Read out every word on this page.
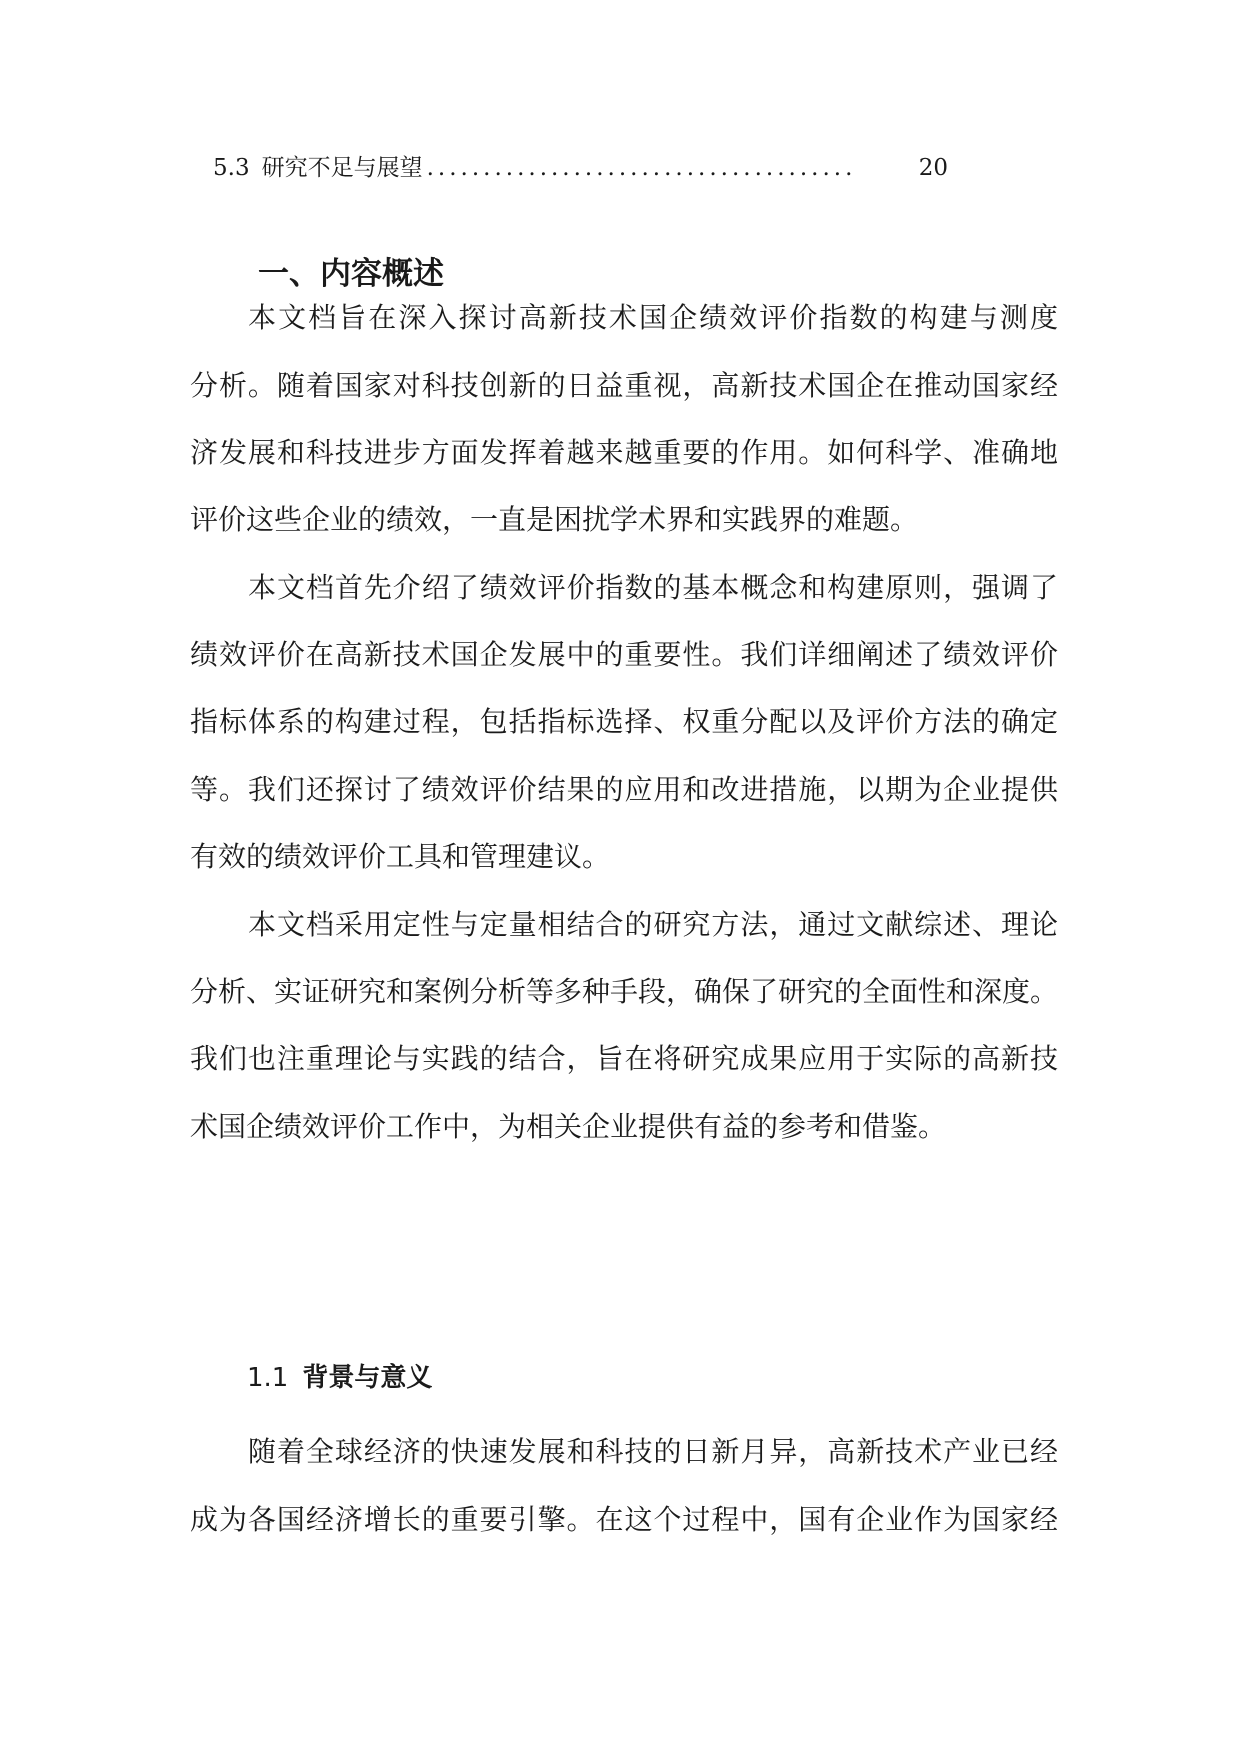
5.3 研究不足与展望 ......................................	20
一、内容概述
本文档旨在深入探讨高新技术国企绩效评价指数的构建与测度
分析。随着国家对科技创新的日益重视，高新技术国企在推动国家经
济发展和科技进步方面发挥着越来越重要的作用。如何科学、准确地
评价这些企业的绩效，一直是困扰学术界和实践界的难题。
本文档首先介绍了绩效评价指数的基本概念和构建原则，强调了
绩效评价在高新技术国企发展中的重要性。我们详细阐述了绩效评价
指标体系的构建过程，包括指标选择、权重分配以及评价方法的确定
等。我们还探讨了绩效评价结果的应用和改进措施，以期为企业提供
有效的绩效评价工具和管理建议。
本文档采用定性与定量相结合的研究方法，通过文献综述、理论
分析、实证研究和案例分析等多种手段，确保了研究的全面性和深度。
我们也注重理论与实践的结合，旨在将研究成果应用于实际的高新技
术国企绩效评价工作中，为相关企业提供有益的参考和借鉴。
1.1 背景与意义
随着全球经济的快速发展和科技的日新月异，高新技术产业已经
成为各国经济增长的重要引擎。在这个过程中，国有企业作为国家经
